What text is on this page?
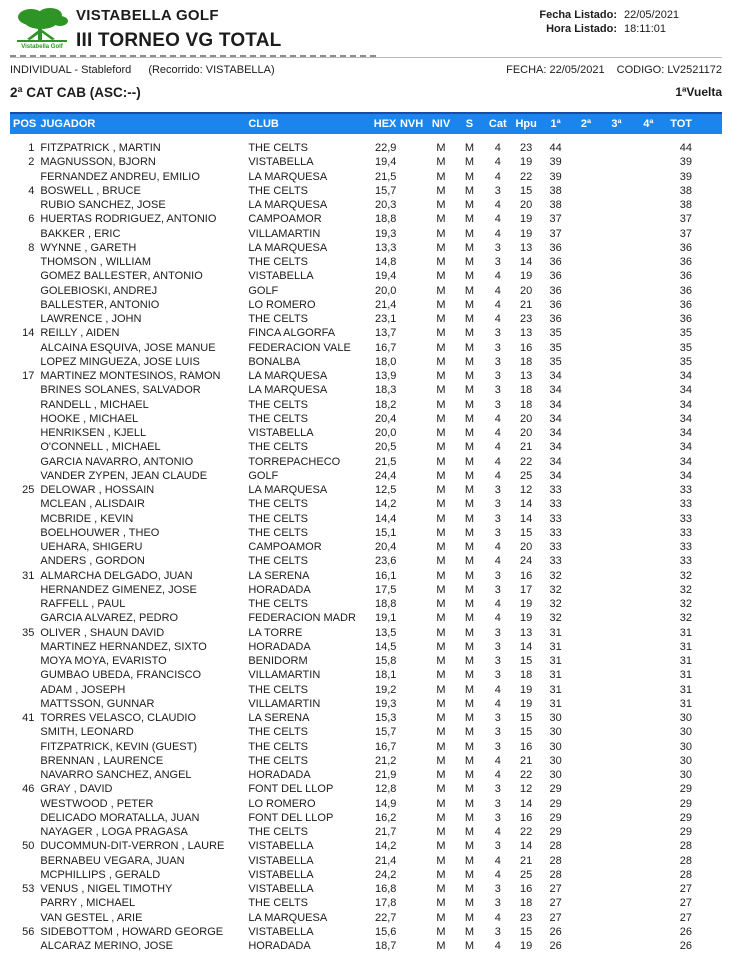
Vistabella Golf
VISTABELLA GOLF
III TORNEO VG TOTAL
Fecha Listado: 22/05/2021
Hora Listado: 18:11:01
INDIVIDUAL - Stableford (Recorrido: VISTABELLA)	FECHA: 22/05/2021 CODIGO: LV2521172
2ª CAT CAB (ASC:--)	1ªVuelta
POS	JUGADOR	CLUB	HEX	NVH	NIV	S	Cat	Hpu	1ª	2ª	3ª	4ª	TOT
1	FITZPATRICK , MARTIN	THE CELTS	22,9		M	M	4	23	44				44
2	MAGNUSSON, BJORN	VISTABELLA	19,4		M	M	4	19	39				39
	FERNANDEZ ANDREU, EMILIO	LA MARQUESA	21,5		M	M	4	22	39				39
4	BOSWELL , BRUCE	THE CELTS	15,7		M	M	3	15	38				38
	RUBIO SANCHEZ, JOSE	LA MARQUESA	20,3		M	M	4	20	38				38
6	HUERTAS RODRIGUEZ, ANTONIO	CAMPOAMOR	18,8		M	M	4	19	37				37
	BAKKER , ERIC	VILLAMARTIN	19,3		M	M	4	19	37				37
8	WYNNE , GARETH	LA MARQUESA	13,3		M	M	3	13	36				36
	THOMSON , WILLIAM	THE CELTS	14,8		M	M	3	14	36				36
	GOMEZ BALLESTER, ANTONIO	VISTABELLA	19,4		M	M	4	19	36				36
	GOLEBIOSKI, ANDREJ	GOLF	20,0		M	M	4	20	36				36
	BALLESTER, ANTONIO	LO ROMERO	21,4		M	M	4	21	36				36
	LAWRENCE , JOHN	THE CELTS	23,1		M	M	4	23	36				36
14	REILLY , AIDEN	FINCA ALGORFA	13,7		M	M	3	13	35				35
	ALCAINA ESQUIVA, JOSE MANUE	FEDERACION VALE	16,7		M	M	3	16	35				35
	LOPEZ MINGUEZA, JOSE LUIS	BONALBA	18,0		M	M	3	18	35				35
17	MARTINEZ MONTESINOS, RAMON	LA MARQUESA	13,9		M	M	3	13	34				34
	BRINES SOLANES, SALVADOR	LA MARQUESA	18,3		M	M	3	18	34				34
	RANDELL , MICHAEL	THE CELTS	18,2		M	M	3	18	34				34
	HOOKE , MICHAEL	THE CELTS	20,4		M	M	4	20	34				34
	HENRIKSEN , KJELL	VISTABELLA	20,0		M	M	4	20	34				34
	O'CONNELL , MICHAEL	THE CELTS	20,5		M	M	4	21	34				34
	GARCIA NAVARRO, ANTONIO	TORREPACHECO	21,5		M	M	4	22	34				34
	VANDER ZYPEN, JEAN CLAUDE	GOLF	24,4		M	M	4	25	34				34
25	DELOWAR , HOSSAIN	LA MARQUESA	12,5		M	M	3	12	33				33
	MCLEAN , ALISDAIR	THE CELTS	14,2		M	M	3	14	33				33
	MCBRIDE , KEVIN	THE CELTS	14,4		M	M	3	14	33				33
	BOELHOUWER , THEO	THE CELTS	15,1		M	M	3	15	33				33
	UEHARA, SHIGERU	CAMPOAMOR	20,4		M	M	4	20	33				33
	ANDERS , GORDON	THE CELTS	23,6		M	M	4	24	33				33
31	ALMARCHA DELGADO, JUAN	LA SERENA	16,1		M	M	3	16	32				32
	HERNANDEZ GIMENEZ, JOSE	HORADADA	17,5		M	M	3	17	32				32
	RAFFELL , PAUL	THE CELTS	18,8		M	M	4	19	32				32
	GARCIA ALVAREZ, PEDRO	FEDERACION MADR	19,1		M	M	4	19	32				32
35	OLIVER , SHAUN DAVID	LA TORRE	13,5		M	M	3	13	31				31
	MARTINEZ HERNANDEZ, SIXTO	HORADADA	14,5		M	M	3	14	31				31
	MOYA MOYA, EVARISTO	BENIDORM	15,8		M	M	3	15	31				31
	GUMBAO UBEDA, FRANCISCO	VILLAMARTIN	18,1		M	M	3	18	31				31
	ADAM , JOSEPH	THE CELTS	19,2		M	M	4	19	31				31
	MATTSSON, GUNNAR	VILLAMARTIN	19,3		M	M	4	19	31				31
41	TORRES VELASCO, CLAUDIO	LA SERENA	15,3		M	M	3	15	30				30
	SMITH, LEONARD	THE CELTS	15,7		M	M	3	15	30				30
	FITZPATRICK, KEVIN (GUEST)	THE CELTS	16,7		M	M	3	16	30				30
	BRENNAN , LAURENCE	THE CELTS	21,2		M	M	4	21	30				30
	NAVARRO SANCHEZ, ANGEL	HORADADA	21,9		M	M	4	22	30				30
46	GRAY , DAVID	FONT DEL LLOP	12,8		M	M	3	12	29				29
	WESTWOOD , PETER	LO ROMERO	14,9		M	M	3	14	29				29
	DELICADO MORATALLA, JUAN	FONT DEL LLOP	16,2		M	M	3	16	29				29
	NAYAGER , LOGA PRAGASA	THE CELTS	21,7		M	M	4	22	29				29
50	DUCOMMUN-DIT-VERRON , LAURE	VISTABELLA	14,2		M	M	3	14	28				28
	BERNABEU VEGARA, JUAN	VISTABELLA	21,4		M	M	4	21	28				28
	MCPHILLIPS , GERALD	VISTABELLA	24,2		M	M	4	25	28				28
53	VENUS , NIGEL TIMOTHY	VISTABELLA	16,8		M	M	3	16	27				27
	PARRY , MICHAEL	THE CELTS	17,8		M	M	3	18	27				27
	VAN GESTEL , ARIE	LA MARQUESA	22,7		M	M	4	23	27				27
56	SIDEBOTTOM , HOWARD GEORGE	VISTABELLA	15,6		M	M	3	15	26				26
	ALCARAZ MERINO, JOSE	HORADADA	18,7		M	M	4	19	26				26
